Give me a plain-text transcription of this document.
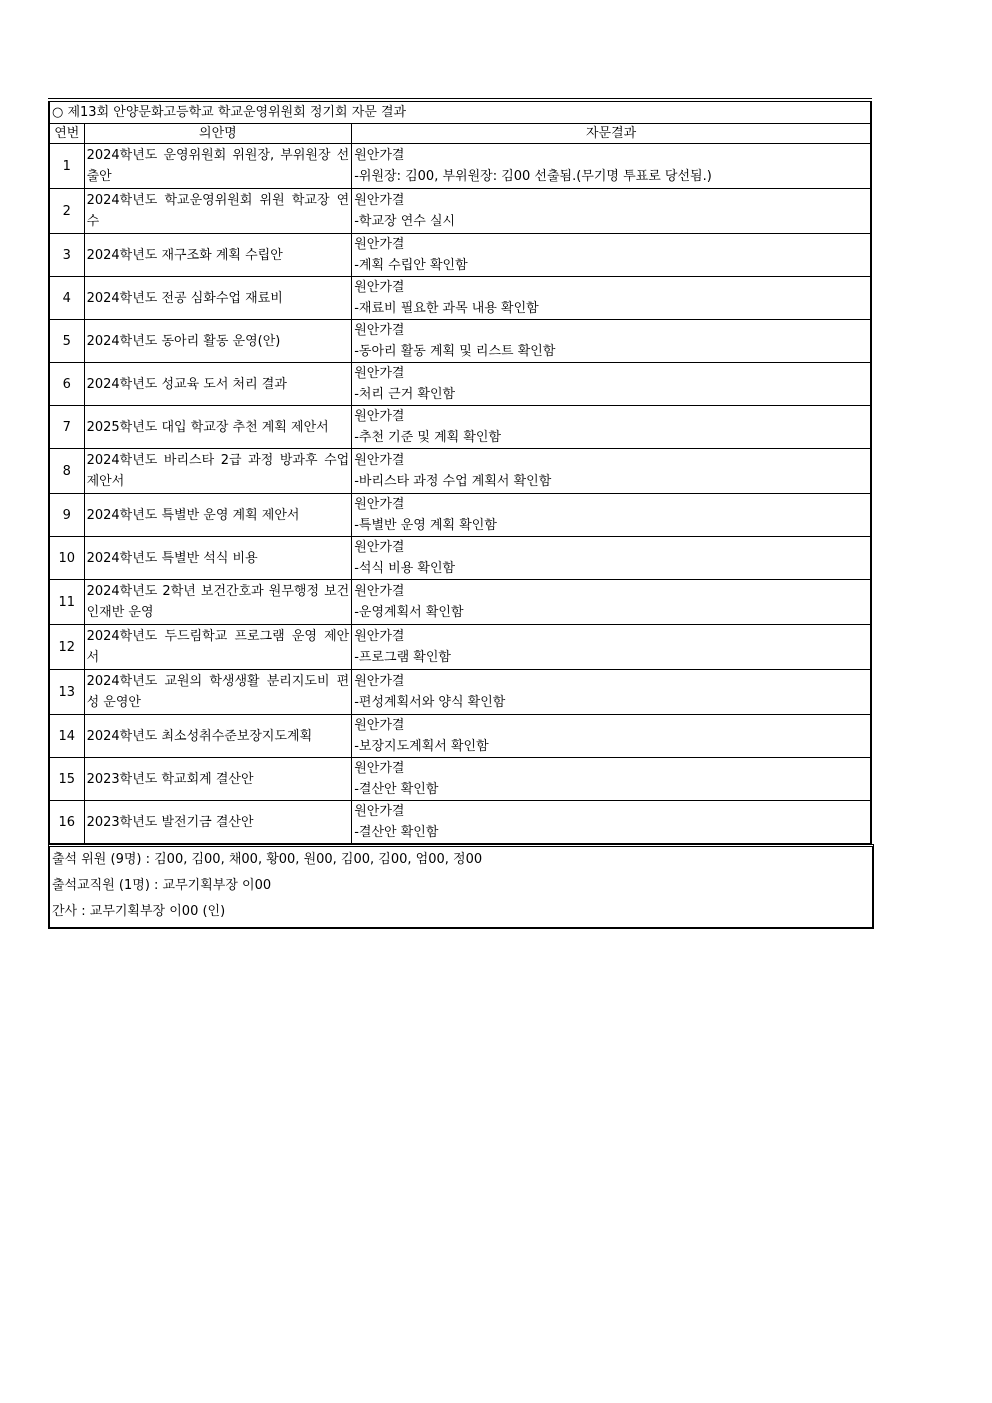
○ 제13회 안양문화고등학교 학교운영위원회 정기회 자문 결과		
연번	의안명	자문결과
1	2024학년도 운영위원회 위원장, 부위원장 선출안	원안가결
-위원장: 김00, 부위원장: 김00 선출됨.(무기명 투표로 당선됨.)

2	2024학년도 학교운영위원회 위원 학교장 연수	원안가결
-학교장 연수 실시

3	2024학년도 재구조화 계획 수립안	원안가결
-계획 수립안 확인함

4	2024학년도 전공 심화수업 재료비	원안가결
-재료비 필요한 과목 내용 확인함

5	2024학년도 동아리 활동 운영(안)	원안가결
-동아리 활동 계획 및 리스트 확인함

6	2024학년도 성교육 도서 처리 결과	원안가결
-처리 근거 확인함

7	2025학년도 대입 학교장 추천 계획 제안서	원안가결
-추천 기준 및 계획 확인함

8	2024학년도 바리스타 2급 과정 방과후 수업 제안서	원안가결
-바리스타 과정 수업 계획서 확인함

9	2024학년도 특별반 운영 계획 제안서	원안가결
-특별반 운영 계획 확인함

10	2024학년도 특별반 석식 비용	원안가결
-석식 비용 확인함

11	2024학년도 2학년 보건간호과 원무행정 보건인재반 운영	원안가결
-운영계획서 확인함

12	2024학년도 두드림학교 프로그램 운영 제안서	원안가결
-프로그램 확인함

13	2024학년도 교원의 학생생활 분리지도비 편성 운영안	원안가결
-편성계획서와 양식 확인함

14	2024학년도 최소성취수준보장지도계획	원안가결
-보장지도계획서 확인함

15	2023학년도 학교회계 결산안	원안가결
-결산안 확인함

16	2023학년도 발전기금 결산안	원안가결
-결산안 확인함
출석 위원 (9명) : 김00, 김00, 채00, 황00, 원00, 김00, 김00, 엄00, 정00
출석교직원 (1명) : 교무기획부장 이00
간사 : 교무기획부장 이00 (인)
